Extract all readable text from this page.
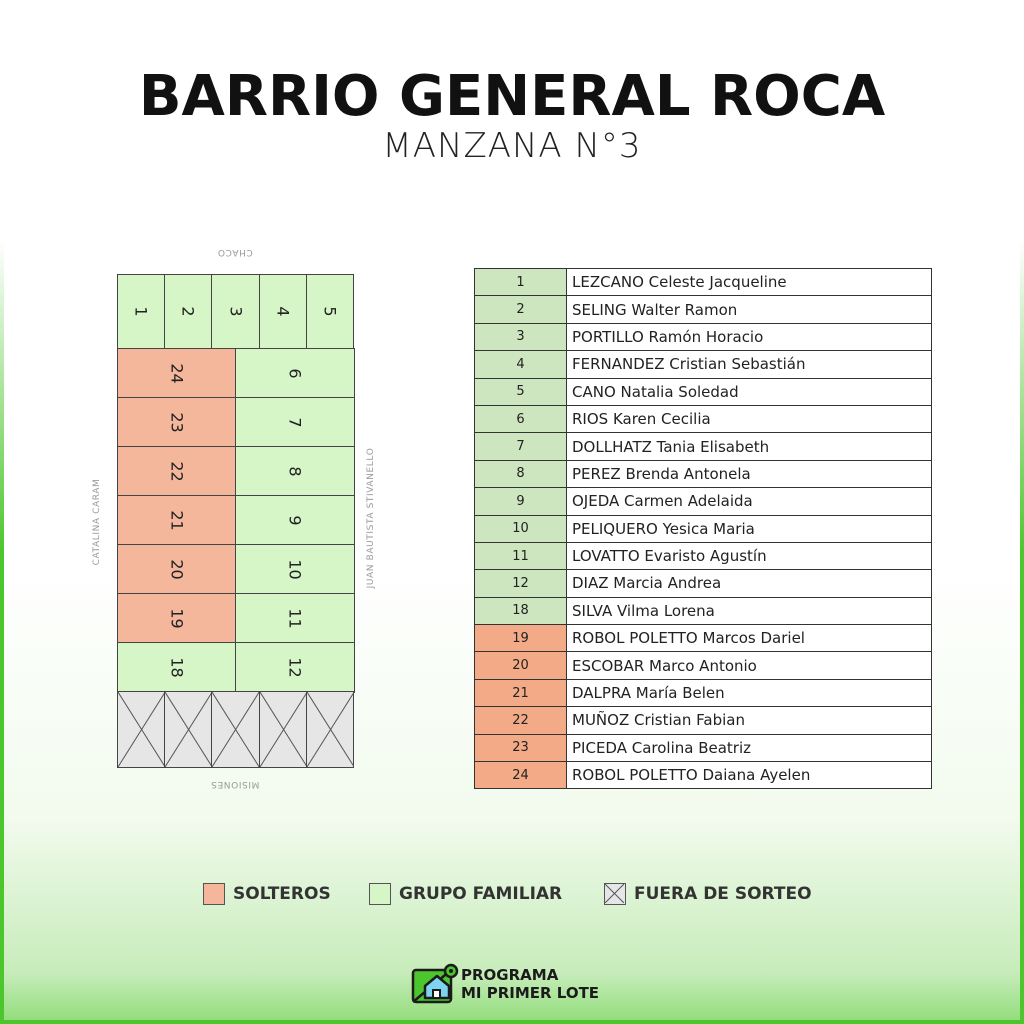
BARRIO GENERAL ROCA
MANZANA N°3
CHACO
MISIONES
CATALINA CARAM	JUAN BAUTISTA STIVANELLO
1 2 3 4 5
24	6
23	7
22	8
21	9
20	10
19	11
18	12
1	LEZCANO Celeste Jacqueline
2	SELING Walter Ramon
3	PORTILLO Ramón Horacio
4	FERNANDEZ Cristian Sebastián
5	CANO Natalia Soledad
6	RIOS Karen Cecilia
7	DOLLHATZ Tania Elisabeth
8	PEREZ Brenda Antonela
9	OJEDA Carmen Adelaida
10	PELIQUERO Yesica Maria
11	LOVATTO Evaristo Agustín
12	DIAZ Marcia Andrea
18	SILVA Vilma Lorena
19	ROBOL POLETTO Marcos Dariel
20	ESCOBAR Marco Antonio
21	DALPRA María Belen
22	MUÑOZ Cristian Fabian
23	PICEDA Carolina Beatriz
24	ROBOL POLETTO Daiana Ayelen
SOLTEROS	GRUPO FAMILIAR	FUERA DE SORTEO
PROGRAMA
MI PRIMER LOTE
